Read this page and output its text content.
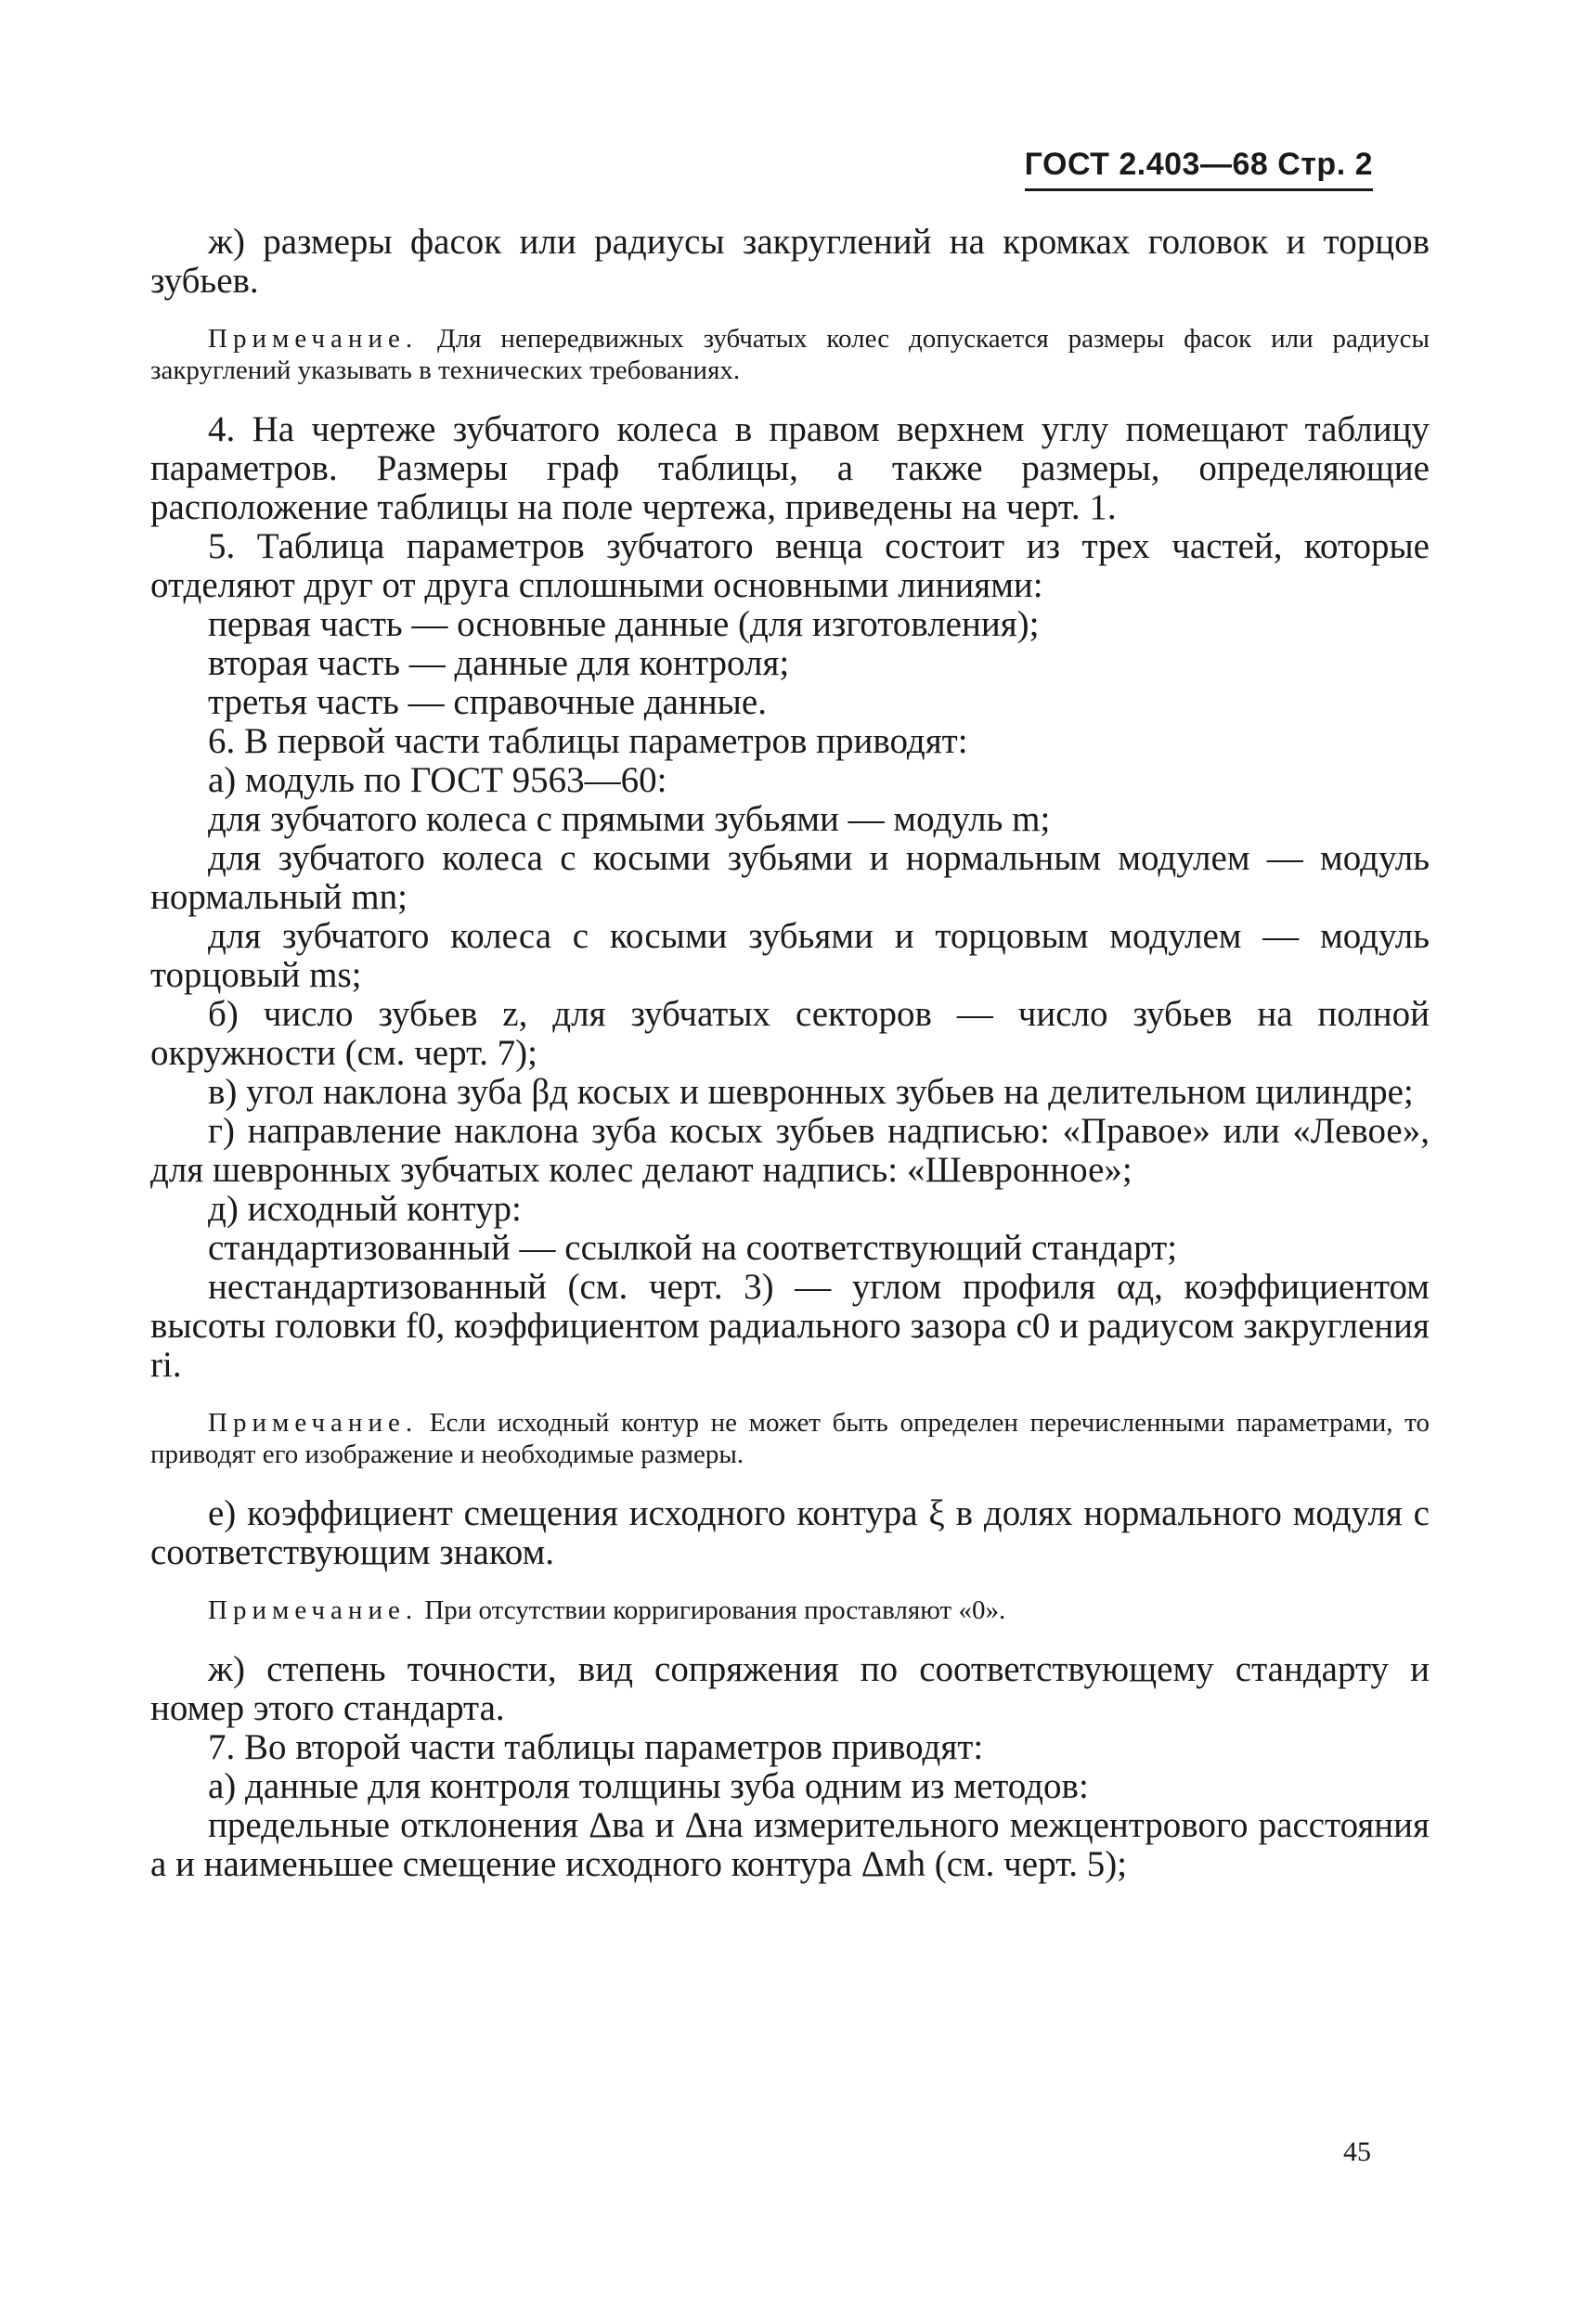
ГОСТ 2.403—68 Стр. 2

ж) размеры фасок или радиусы закруглений на кромках головок и торцов зубьев.

Примечание. Для непередвижных зубчатых колес допускается размеры фасок или радиусы закруглений указывать в технических требованиях.

4. На чертеже зубчатого колеса в правом верхнем углу помещают таблицу параметров. Размеры граф таблицы, а также размеры, определяющие расположение таблицы на поле чертежа, приведены на черт. 1.

5. Таблица параметров зубчатого венца состоит из трех частей, которые отделяют друг от друга сплошными основными линиями:

первая часть — основные данные (для изготовления);

вторая часть — данные для контроля;

третья часть — справочные данные.

6. В первой части таблицы параметров приводят:

а) модуль по ГОСТ 9563—60:

для зубчатого колеса с прямыми зубьями — модуль m;

для зубчатого колеса с косыми зубьями и нормальным модулем — модуль нормальный mn;

для зубчатого колеса с косыми зубьями и торцовым модулем — модуль торцовый ms;

б) число зубьев z, для зубчатых секторов — число зубьев на полной окружности (см. черт. 7);

в) угол наклона зуба βд косых и шевронных зубьев на делительном цилиндре;

г) направление наклона зуба косых зубьев надписью: «Правое» или «Левое», для шевронных зубчатых колес делают надпись: «Шевронное»;

д) исходный контур:

стандартизованный — ссылкой на соответствующий стандарт;

нестандартизованный (см. черт. 3) — углом профиля αд, коэффициентом высоты головки f0, коэффициентом радиального зазора c0 и радиусом закругления ri.

Примечание. Если исходный контур не может быть определен перечисленными параметрами, то приводят его изображение и необходимые размеры.

е) коэффициент смещения исходного контура ξ в долях нормального модуля с соответствующим знаком.

Примечание. При отсутствии корригирования проставляют «0».

ж) степень точности, вид сопряжения по соответствующему стандарту и номер этого стандарта.

7. Во второй части таблицы параметров приводят:

а) данные для контроля толщины зуба одним из методов:

предельные отклонения Δва и Δна измерительного межцентрового расстояния a и наименьшее смещение исходного контура Δмh (см. черт. 5);

45
